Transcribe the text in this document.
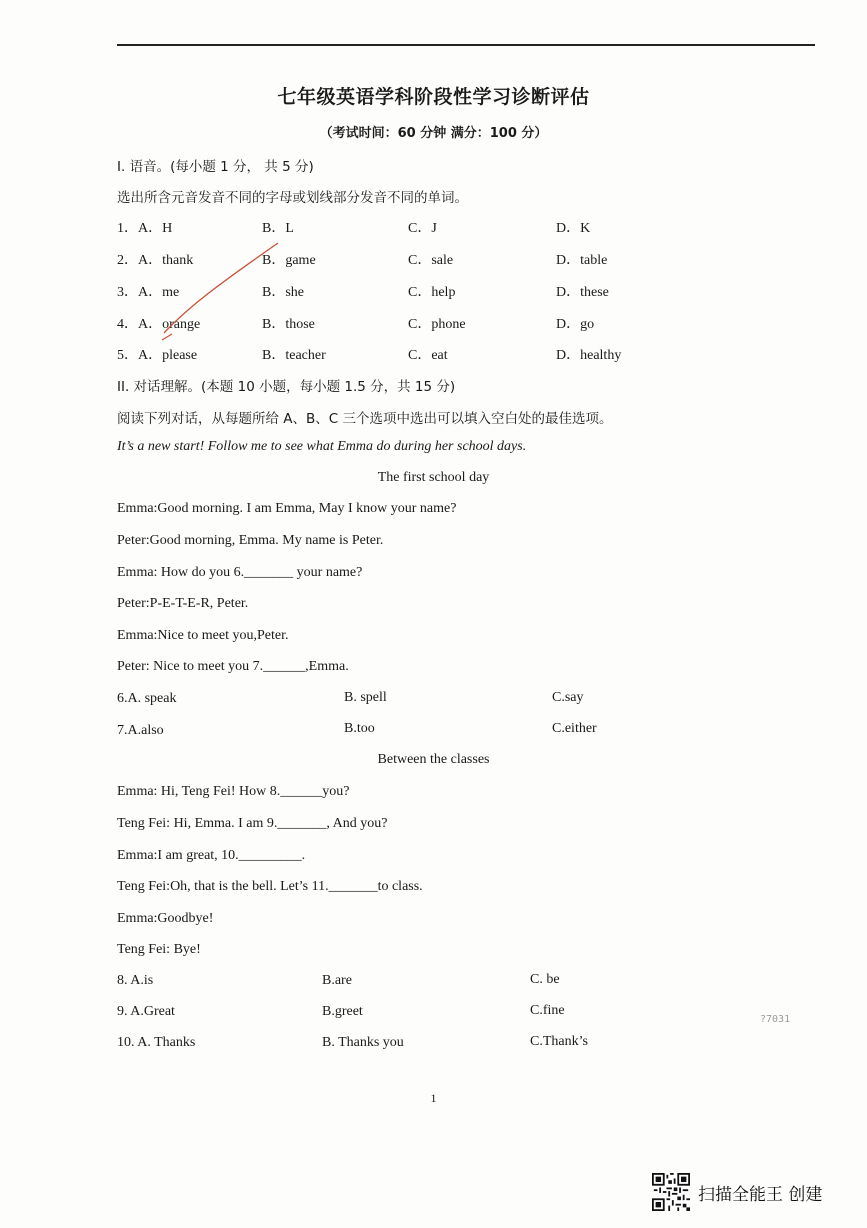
七年级英语学科阶段性学习诊断评估
（考试时间：60 分钟 满分：100 分）
I. 语音。(每小题 1 分， 共 5 分)
选出所含元音发音不同的字母或划线部分发音不同的单词。
1． A．H	B．L	C．J	D．K
2． A．thank	B．game	C．sale	D．table
3． A．me	B．she	C．help	D．these
4． A．orange	B．those	C．phone	D．go
5． A．please	B．teacher	C．eat	D．healthy
II. 对话理解。(本题 10 小题，每小题 1.5 分，共 15 分)
阅读下列对话，从每题所给 A、B、C 三个选项中选出可以填入空白处的最佳选项。
It’s a new start! Follow me to see what Emma do during her school days.
The first school day
Emma:Good morning. I am Emma, May I know your name?
Peter:Good morning, Emma. My name is Peter.
Emma: How do you 6._______ your name?
Peter:P-E-T-E-R, Peter.
Emma:Nice to meet you,Peter.
Peter: Nice to meet you 7.______,Emma.
6.A. speak	B. spell	C.say
7.A.also	B.too	C.either
Between the classes
Emma: Hi, Teng Fei! How 8.______you?
Teng Fei: Hi, Emma. I am 9._______, And you?
Emma:I am great, 10._________.
Teng Fei:Oh, that is the bell. Let’s 11._______to class.
Emma:Goodbye!
Teng Fei: Bye!
8. A.is	B.are	C. be
9. A.Great	B.greet	C.fine
10. A. Thanks	B. Thanks you	C.Thank’s
?7031
1
扫描全能王 创建
